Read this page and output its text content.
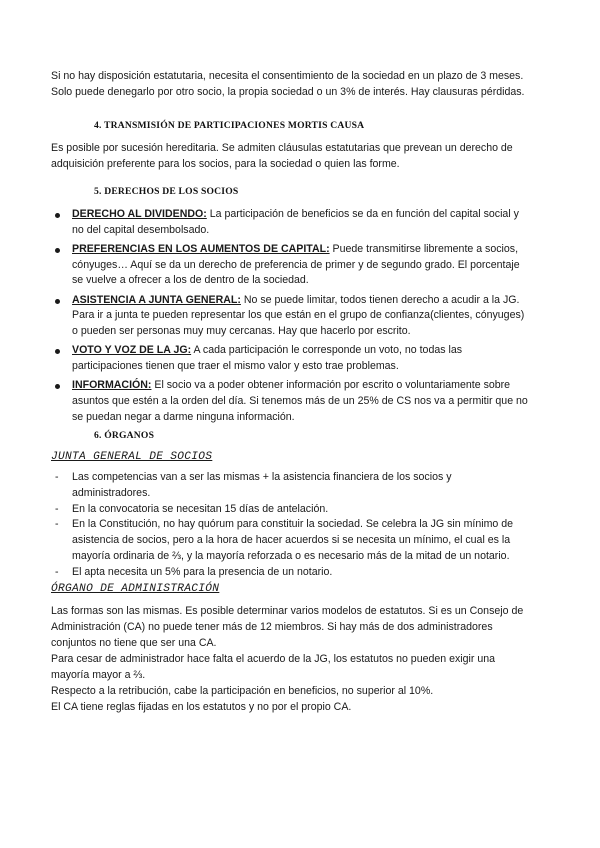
Si no hay disposición estatutaria, necesita el consentimiento de la sociedad en un plazo de 3 meses.
Solo puede denegarlo por otro socio, la propia sociedad o un 3% de interés. Hay clausuras pérdidas.

4. TRANSMISIÓN DE PARTICIPACIONES MORTIS CAUSA

Es posible por sucesión hereditaria. Se admiten cláusulas estatutarias que prevean un derecho de
adquisición preferente para los socios, para la sociedad o quien las forme.

5. DERECHOS DE LOS SOCIOS
DERECHO AL DIVIDENDO: La participación de beneficios se da en función del capital social y
no del capital desembolsado.
PREFERENCIAS EN LOS AUMENTOS DE CAPITAL: Puede transmitirse libremente a socios,
cónyuges… Aquí se da un derecho de preferencia de primer y de segundo grado. El porcentaje
se vuelve a ofrecer a los de dentro de la sociedad.
ASISTENCIA A JUNTA GENERAL: No se puede limitar, todos tienen derecho a acudir a la JG.
Para ir a junta te pueden representar los que están en el grupo de confianza(clientes, cónyuges)
o pueden ser personas muy muy cercanas. Hay que hacerlo por escrito.
VOTO Y VOZ DE LA JG: A cada participación le corresponde un voto, no todas las
participaciones tienen que traer el mismo valor y esto trae problemas.
INFORMACIÓN: El socio va a poder obtener información por escrito o voluntariamente sobre
asuntos que estén a la orden del día. Si tenemos más de un 25% de CS nos va a permitir que no
se puedan negar a darme ninguna información.
6. ÓRGANOS

JUNTA GENERAL DE SOCIOS

- Las competencias van a ser las mismas + la asistencia financiera de los socios y
administradores.
- En la convocatoria se necesitan 15 días de antelación.
- En la Constitución, no hay quórum para constituir la sociedad. Se celebra la JG sin mínimo de
asistencia de socios, pero a la hora de hacer acuerdos si se necesita un mínimo, el cual es la
mayoría ordinaria de ⅔, y la mayoría reforzada o es necesario más de la mitad de un notario.
- El apta necesita un 5% para la presencia de un notario.

ÓRGANO DE ADMINISTRACIÓN

Las formas son las mismas. Es posible determinar varios modelos de estatutos. Si es un Consejo de
Administración (CA) no puede tener más de 12 miembros. Si hay más de dos administradores
conjuntos no tiene que ser una CA.
Para cesar de administrador hace falta el acuerdo de la JG, los estatutos no pueden exigir una
mayoría mayor a ⅔.
Respecto a la retribución, cabe la participación en beneficios, no superior al 10%.
El CA tiene reglas fijadas en los estatutos y no por el propio CA.
